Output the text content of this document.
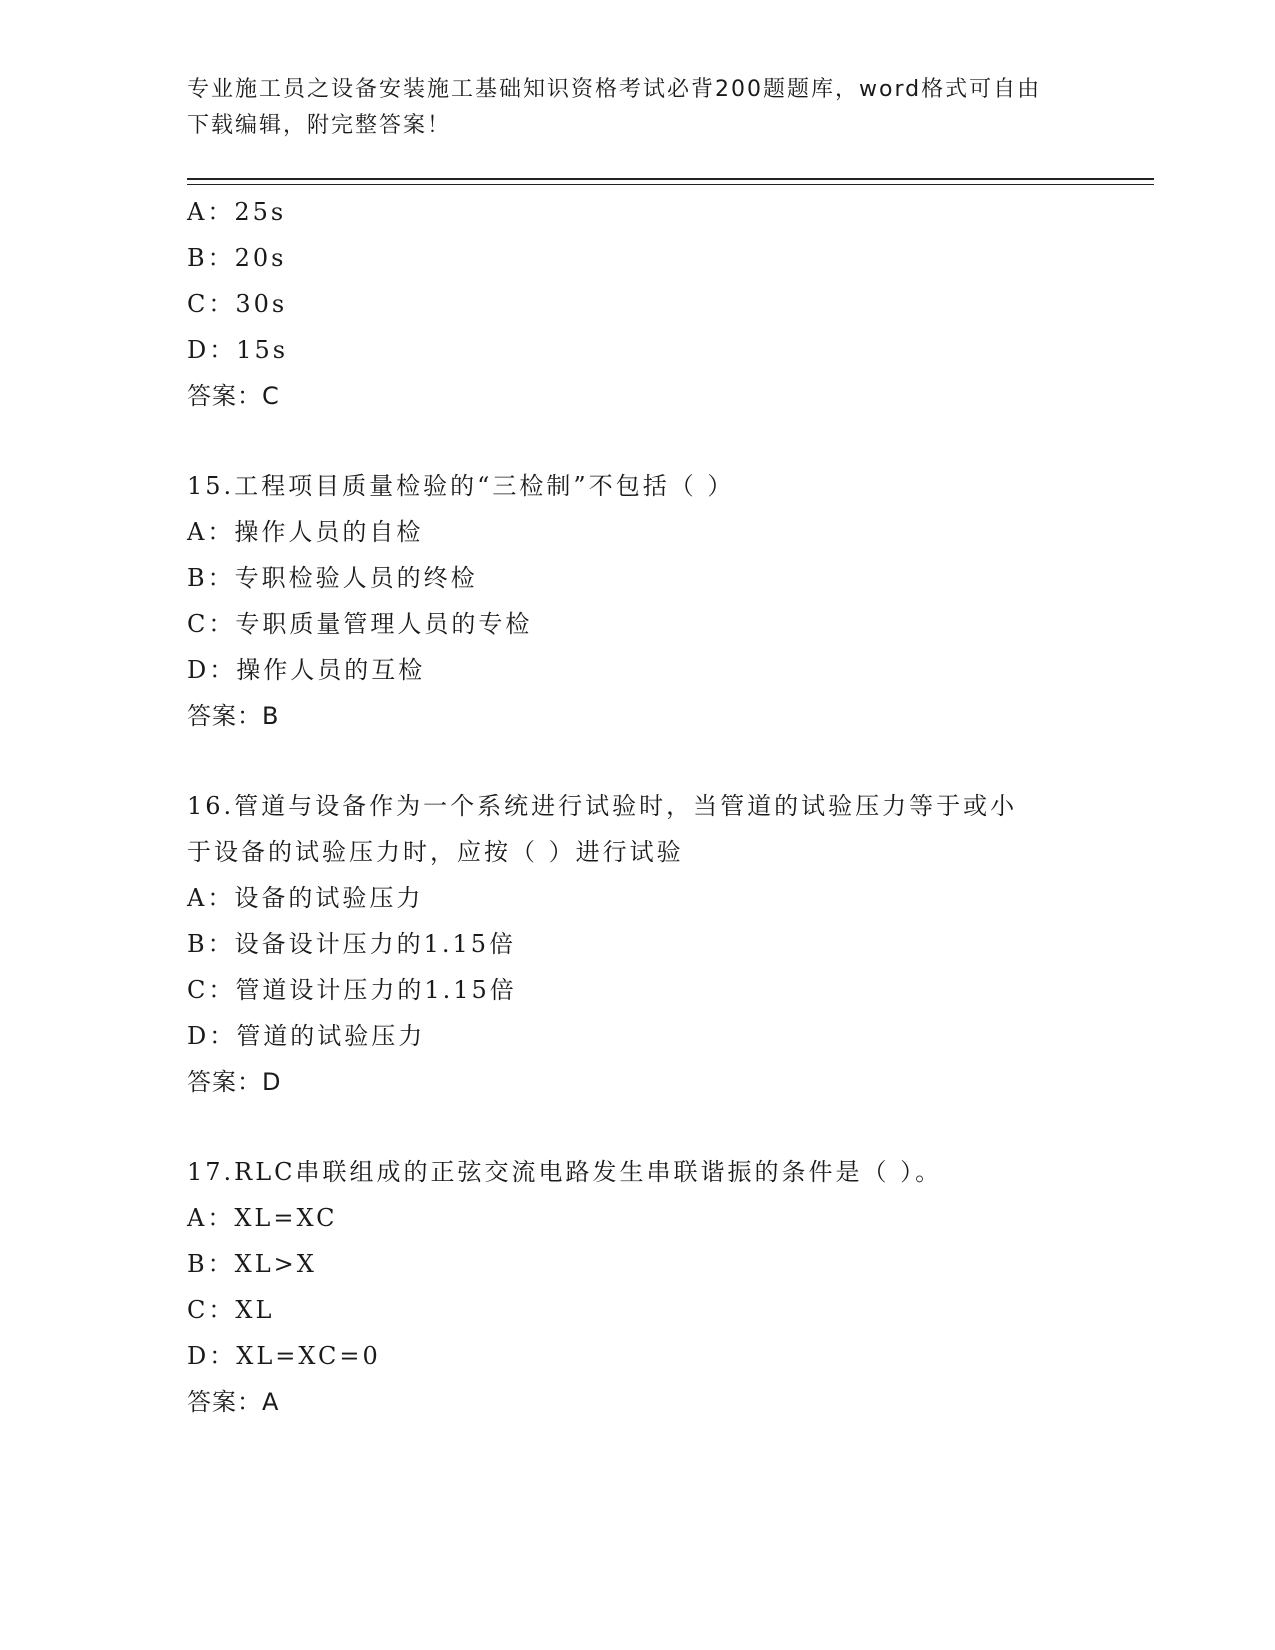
专业施工员之设备安装施工基础知识资格考试必背200题题库，word格式可自由
下载编辑，附完整答案！
A：25s
B：20s
C：30s
D：15s
答案：C
15.工程项目质量检验的“三检制”不包括（ ）
A：操作人员的自检
B：专职检验人员的终检
C：专职质量管理人员的专检
D：操作人员的互检
答案：B
16.管道与设备作为一个系统进行试验时，当管道的试验压力等于或小
于设备的试验压力时，应按（ ）进行试验
A：设备的试验压力
B：设备设计压力的1.15倍
C：管道设计压力的1.15倍
D：管道的试验压力
答案：D
17.RLC串联组成的正弦交流电路发生串联谐振的条件是（ ）。
A：XL=XC
B：XL>X
C：XL
D：XL=XC=0
答案：A
